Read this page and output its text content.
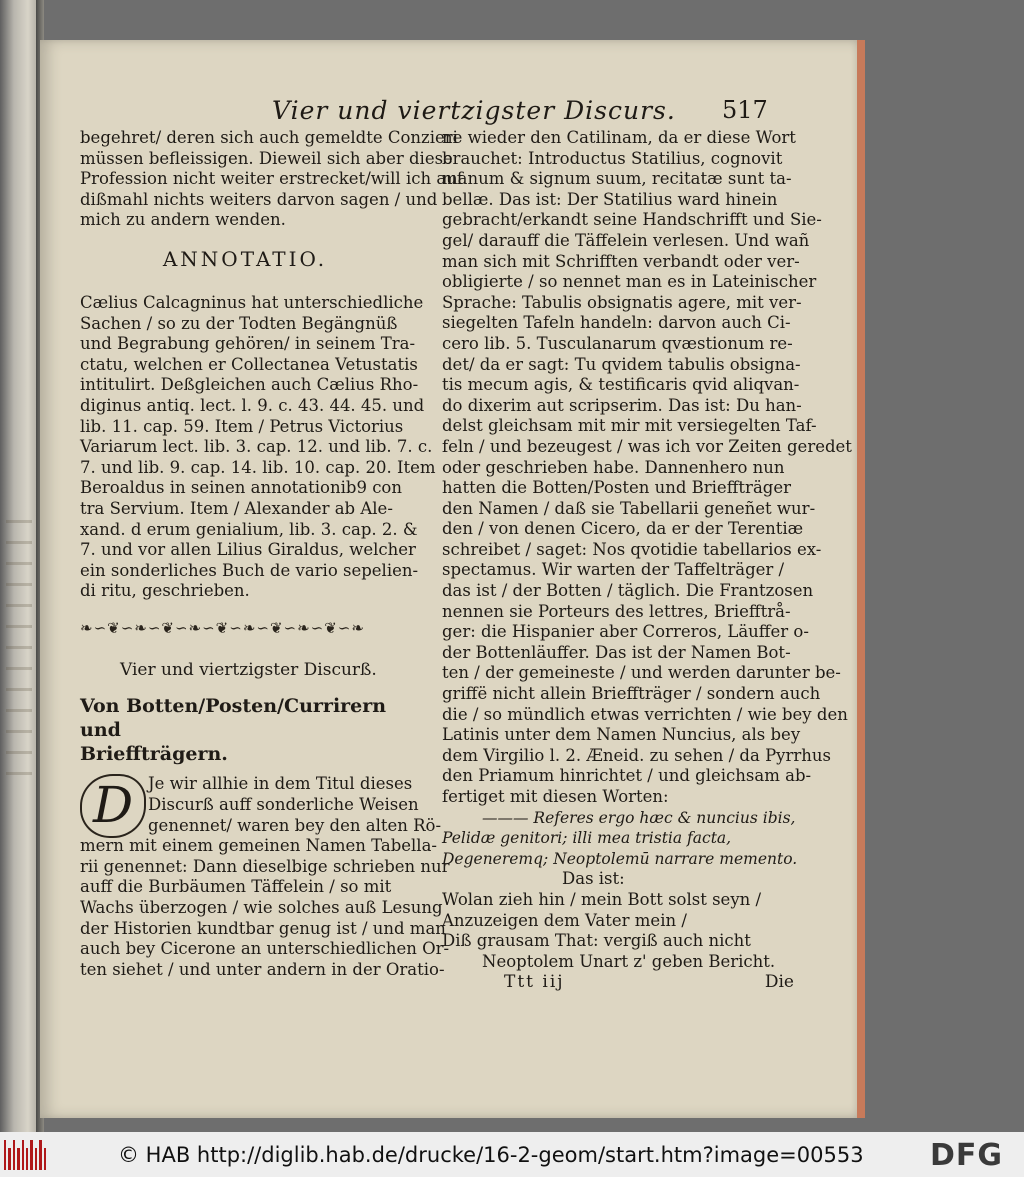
Vier und viertzigster Discurs. 517
begehret/ deren sich auch gemeldte Conzieri
müssen befleissigen. Dieweil sich aber diese
Profession nicht weiter erstrecket/will ich auf
dißmahl nichts weiters darvon sagen / und
mich zu andern wenden.
ANNOTATIO.
Cælius Calcagninus hat unterschiedliche
Sachen / so zu der Todten Begängnüß
und Begrabung gehören/ in seinem Tra-
ctatu, welchen er Collectanea Vetustatis
intitulirt. Deßgleichen auch Cælius Rho-
diginus antiq. lect. l. 9. c. 43. 44. 45. und
lib. 11. cap. 59. Item / Petrus Victorius
Variarum lect. lib. 3. cap. 12. und lib. 7. c.
7. und lib. 9. cap. 14. lib. 10. cap. 20. Item
Beroaldus in seinen annotationib9 con
tra Servium. Item / Alexander ab Ale-
xand. d erum genialium, lib. 3. cap. 2. &
7. und vor allen Lilius Giraldus, welcher
ein sonderliches Buch de vario sepelien-
di ritu, geschrieben.
❧∽❦∽❧∽❦∽❧∽❦∽❧∽❦∽❧∽❦∽❧
Vier und viertzigster Discurß.
Von Botten/Posten/Currirern und
Brieffträgern.
D Je wir allhie in dem Titul dieses
Discurß auff sonderliche Weisen
genennet/ waren bey den alten Rö-
mern mit einem gemeinen Namen Tabella-
rii genennet: Dann dieselbige schrieben nur
auff die Burbäumen Täffelein / so mit
Wachs überzogen / wie solches auß Lesung
der Historien kundtbar genug ist / und man
auch bey Cicerone an unterschiedlichen Or-
ten siehet / und unter andern in der Oratio-
ne wieder den Catilinam, da er diese Wort
brauchet: Introductus Statilius, cognovit
manum & signum suum, recitatæ sunt ta-
bellæ. Das ist: Der Statilius ward hinein
gebracht/erkandt seine Handschrifft und Sie-
gel/ darauff die Täffelein verlesen. Und wañ
man sich mit Schrifften verbandt oder ver-
obligierte / so nennet man es in Lateinischer
Sprache: Tabulis obsignatis agere, mit ver-
siegelten Tafeln handeln: darvon auch Ci-
cero lib. 5. Tusculanarum qvæstionum re-
det/ da er sagt: Tu qvidem tabulis obsigna-
tis mecum agis, & testificaris qvid aliqvan-
do dixerim aut scripserim. Das ist: Du han-
delst gleichsam mit mir mit versiegelten Taf-
feln / und bezeugest / was ich vor Zeiten geredet
oder geschrieben habe. Dannenhero nun
hatten die Botten/Posten und Brieffträger
den Namen / daß sie Tabellarii geneñet wur-
den / von denen Cicero, da er der Terentiæ
schreibet / saget: Nos qvotidie tabellarios ex-
spectamus. Wir warten der Taffelträger /
das ist / der Botten / täglich. Die Frantzosen
nennen sie Porteurs des lettres, Briefftrå-
ger: die Hispanier aber Correros, Läuffer o-
der Bottenläuffer. Das ist der Namen Bot-
ten / der gemeineste / und werden darunter be-
griffë nicht allein Brieffträger / sondern auch
die / so mündlich etwas verrichten / wie bey den
Latinis unter dem Namen Nuncius, als bey
dem Virgilio l. 2. Æneid. zu sehen / da Pyrrhus
den Priamum hinrichtet / und gleichsam ab-
fertiget mit diesen Worten:
——— Referes ergo hæc & nuncius ibis,
Pelidæ genitori; illi mea tristia facta,
Degeneremq; Neoptolemū narrare memento.
Das ist:
Wolan zieh hin / mein Bott solst seyn /
Anzuzeigen dem Vater mein /
Diß grausam That: vergiß auch nicht
Neoptolem Unart z' geben Bericht.
Ttt iij	Die
© HAB http://diglib.hab.de/drucke/16-2-geom/start.htm?image=00553 DFG
